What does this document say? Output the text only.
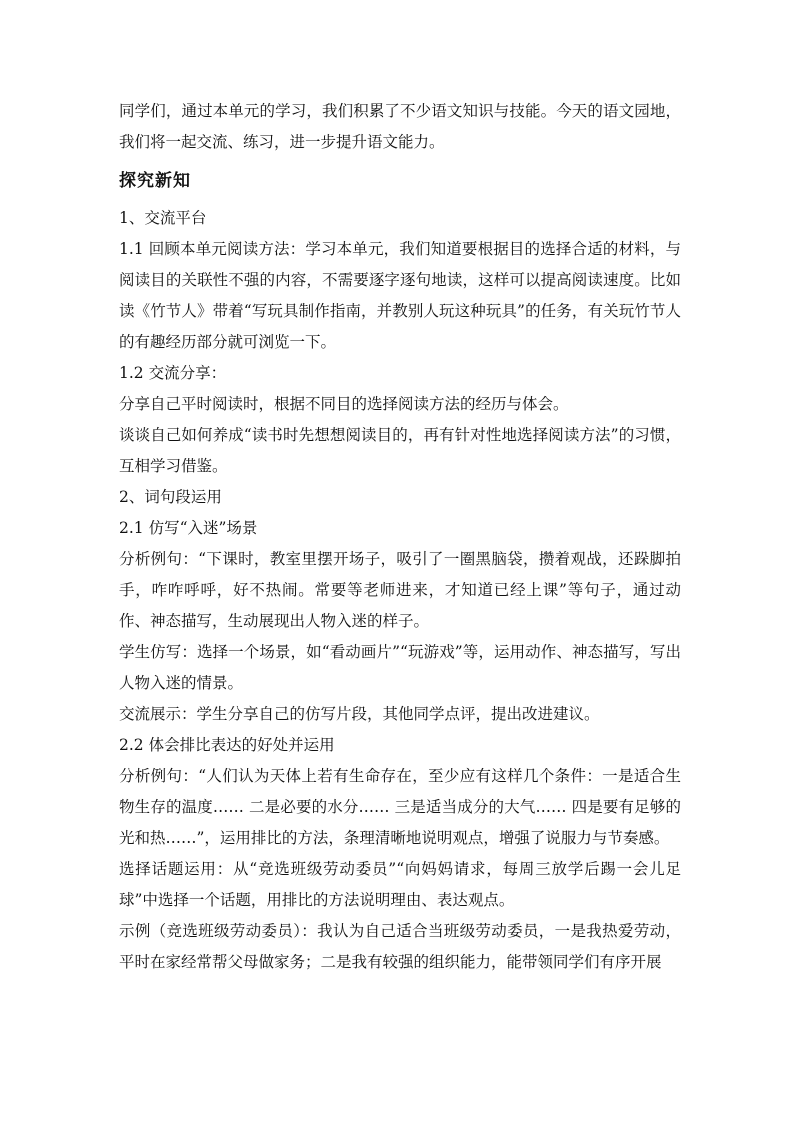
同学们，通过本单元的学习，我们积累了不少语文知识与技能。今天的语文园地，我们将一起交流、练习，进一步提升语文能力。

探究新知

1、交流平台

1.1 回顾本单元阅读方法：学习本单元，我们知道要根据目的选择合适的材料，与阅读目的关联性不强的内容，不需要逐字逐句地读，这样可以提高阅读速度。比如读《竹节人》带着“写玩具制作指南，并教别人玩这种玩具”的任务，有关玩竹节人的有趣经历部分就可浏览一下。

1.2 交流分享：

分享自己平时阅读时，根据不同目的选择阅读方法的经历与体会。

谈谈自己如何养成“读书时先想想阅读目的，再有针对性地选择阅读方法”的习惯，互相学习借鉴。

2、词句段运用

2.1 仿写“入迷”场景

分析例句：“下课时，教室里摆开场子，吸引了一圈黑脑袋，攒着观战，还跺脚拍手，咋咋呼呼，好不热闹。常要等老师进来，才知道已经上课”等句子，通过动作、神态描写，生动展现出人物入迷的样子。

学生仿写：选择一个场景，如“看动画片”“玩游戏”等，运用动作、神态描写，写出人物入迷的情景。

交流展示：学生分享自己的仿写片段，其他同学点评，提出改进建议。

2.2 体会排比表达的好处并运用

分析例句：“人们认为天体上若有生命存在，至少应有这样几个条件：一是适合生物生存的温度…… 二是必要的水分…… 三是适当成分的大气…… 四是要有足够的光和热……”，运用排比的方法，条理清晰地说明观点，增强了说服力与节奏感。

选择话题运用：从“竞选班级劳动委员”“向妈妈请求，每周三放学后踢一会儿足球”中选择一个话题，用排比的方法说明理由、表达观点。

示例（竞选班级劳动委员）：我认为自己适合当班级劳动委员，一是我热爱劳动，平时在家经常帮父母做家务；二是我有较强的组织能力，能带领同学们有序开展
